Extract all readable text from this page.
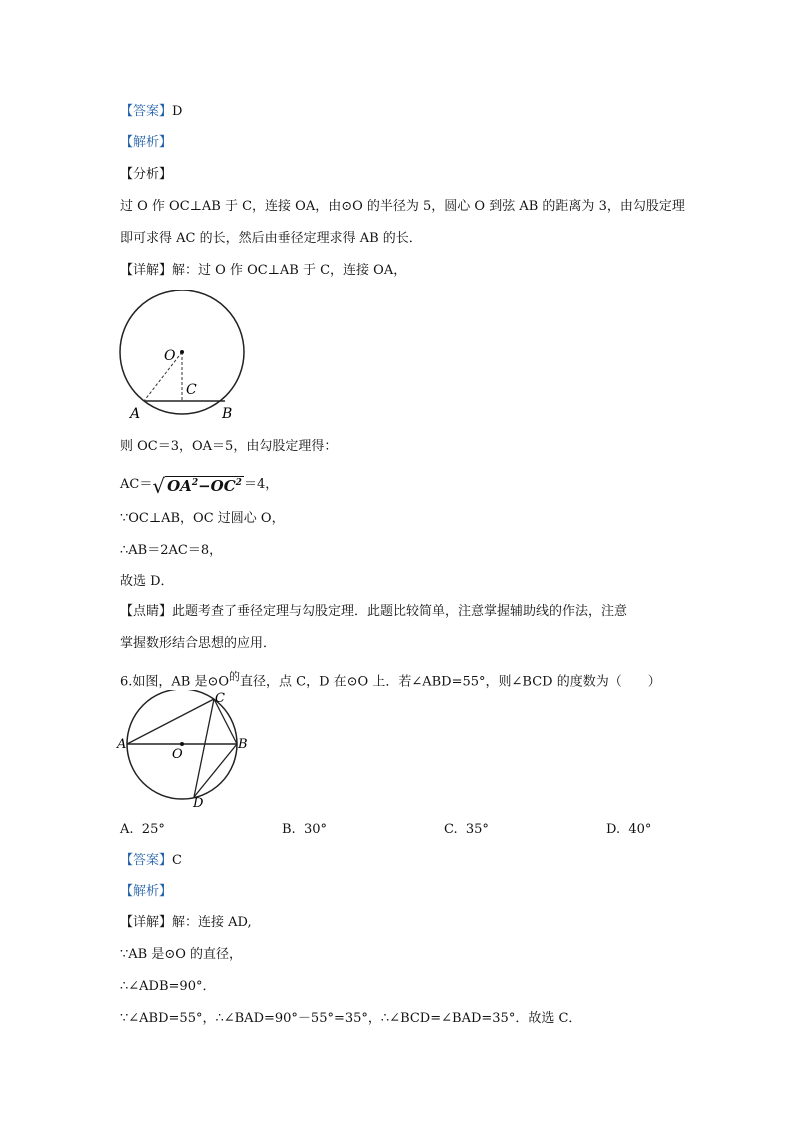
【答案】D
【解析】
【分析】
过 O 作 OC⊥AB 于 C，连接 OA，由⊙O 的半径为 5，圆心 O 到弦 AB 的距离为 3，由勾股定理
即可求得 AC 的长，然后由垂径定理求得 AB 的长．
【详解】解：过 O 作 OC⊥AB 于 C，连接 OA，
O
C
A	B
则 OC＝3，OA＝5，由勾股定理得：
AC＝√ $OA^2-OC^2 =4$，
∵OC⊥AB，OC 过圆心 O，
∴AB＝2AC＝8，
故选 D．
【点睛】此题考查了垂径定理与勾股定理．此题比较简单，注意掌握辅助线的作法，注意
掌握数形结合思想的应用．
6.如图，AB 是$⊙O^的$直径，点 C，D 在⊙O 上．若∠ABD=55°，则∠BCD 的度数为（　　）
A
O
B
C
D
A. 25°	B. 30°	C. 35°	D. 40°
【答案】C
【解析】
【详解】解：连接 AD,
∵AB 是⊙O 的直径，
∴∠ADB=90°．
∵∠ABD=55°，∴∠BAD=90°－55°=35°，∴∠BCD=∠BAD=35°．故选 C．
